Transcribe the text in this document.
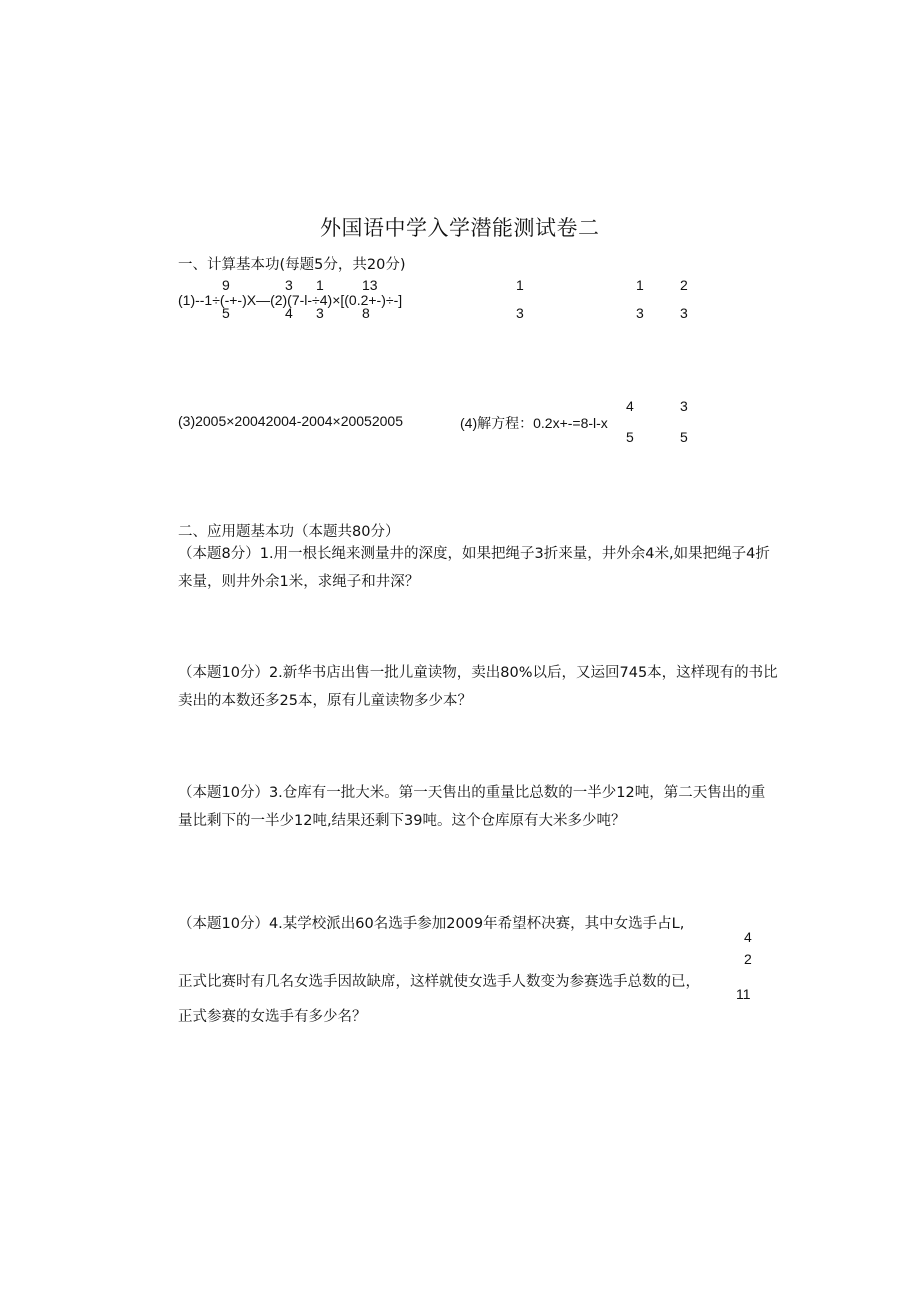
外国语中学入学潜能测试卷二
一、计算基本功(每题5分，共20分)
9	3 1	13
(1)--1÷(-+-)X—(2)(7-l-÷4)×[(0.2+-)÷-]
5	4 3	8
1	1	2
3	3	3
(3)2005×20042004-2004×20052005
4	3
(4)解方程：0.2x+-=8-l-x
5	5
二、应用题基本功（本题共80分）
（本题8分）1.用一根长绳来测量井的深度，如果把绳子3折来量，井外余4米,如果把绳子4折来量，则井外余1米，求绳子和井深？
（本题10分）2.新华书店出售一批儿童读物，卖出80%以后，又运回745本，这样现有的书比卖出的本数还多25本，原有儿童读物多少本？
（本题10分）3.仓库有一批大米。第一天售出的重量比总数的一半少12吨，第二天售出的重量比剩下的一半少12吨,结果还剩下39吨。这个仓库原有大米多少吨？
（本题10分）4.某学校派出60名选手参加2009年希望杯决赛，其中女选手占L,
4
2
正式比赛时有几名女选手因故缺席，这样就使女选手人数变为参赛选手总数的已，
11
正式参赛的女选手有多少名？
